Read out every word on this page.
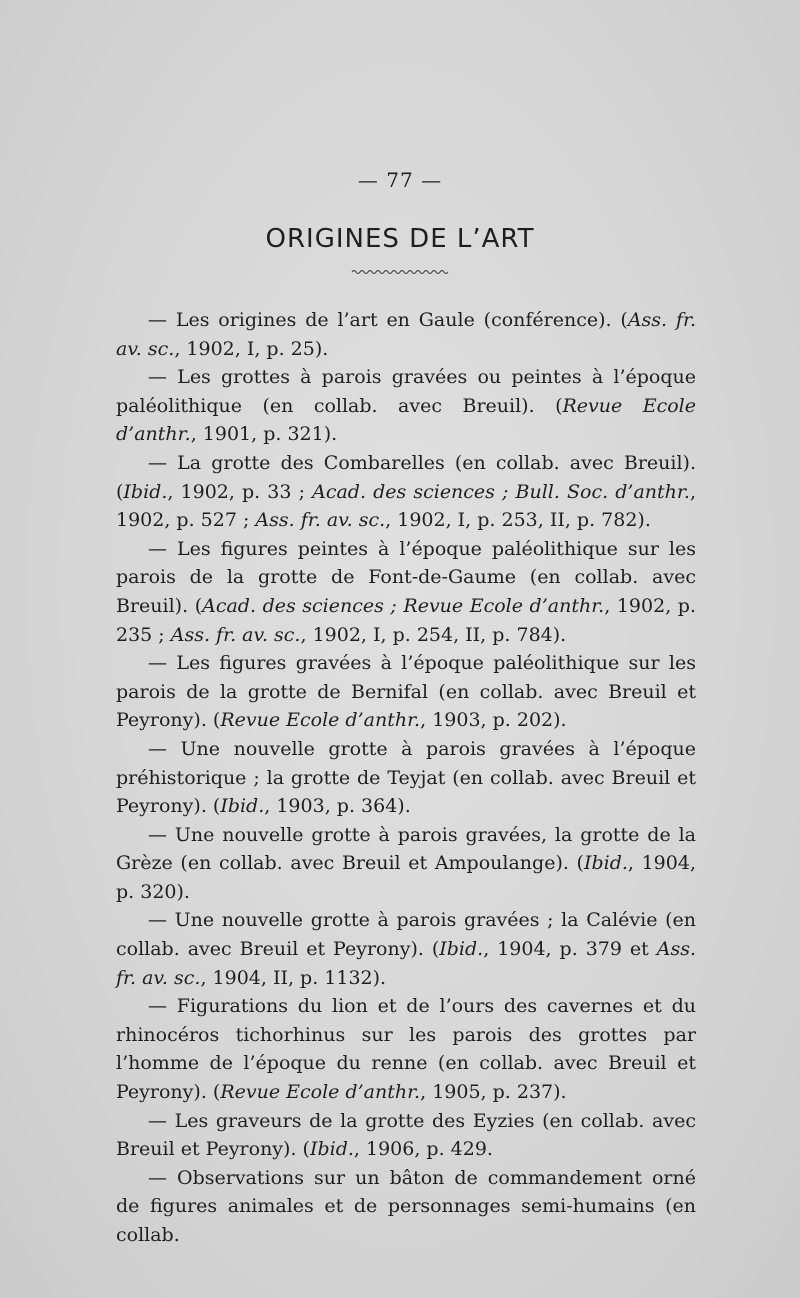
— 77 —
ORIGINES DE L’ART

— Les origines de l’art en Gaule (conférence). (Ass. fr. av. sc., 1902, I, p. 25).

— Les grottes à parois gravées ou peintes à l’époque paléolithique (en collab. avec Breuil). (Revue Ecole d’anthr., 1901, p. 321).

— La grotte des Combarelles (en collab. avec Breuil). (Ibid., 1902, p. 33 ; Acad. des sciences ; Bull. Soc. d’anthr., 1902, p. 527 ; Ass. fr. av. sc., 1902, I, p. 253, II, p. 782).

— Les figures peintes à l’époque paléolithique sur les parois de la grotte de Font-de-Gaume (en collab. avec Breuil). (Acad. des sciences ; Revue Ecole d’anthr., 1902, p. 235 ; Ass. fr. av. sc., 1902, I, p. 254, II, p. 784).

— Les figures gravées à l’époque paléolithique sur les parois de la grotte de Bernifal (en collab. avec Breuil et Peyrony). (Revue Ecole d’anthr., 1903, p. 202).

— Une nouvelle grotte à parois gravées à l’époque préhistorique ; la grotte de Teyjat (en collab. avec Breuil et Peyrony). (Ibid., 1903, p. 364).

— Une nouvelle grotte à parois gravées, la grotte de la Grèze (en collab. avec Breuil et Ampoulange). (Ibid., 1904, p. 320).

— Une nouvelle grotte à parois gravées ; la Calévie (en collab. avec Breuil et Peyrony). (Ibid., 1904, p. 379 et Ass. fr. av. sc., 1904, II, p. 1132).

— Figurations du lion et de l’ours des cavernes et du rhinocéros tichorhinus sur les parois des grottes par l’homme de l’époque du renne (en collab. avec Breuil et Peyrony). (Revue Ecole d’anthr., 1905, p. 237).

— Les graveurs de la grotte des Eyzies (en collab. avec Breuil et Peyrony). (Ibid., 1906, p. 429.

— Observations sur un bâton de commandement orné de figures animales et de personnages semi-humains (en collab.
